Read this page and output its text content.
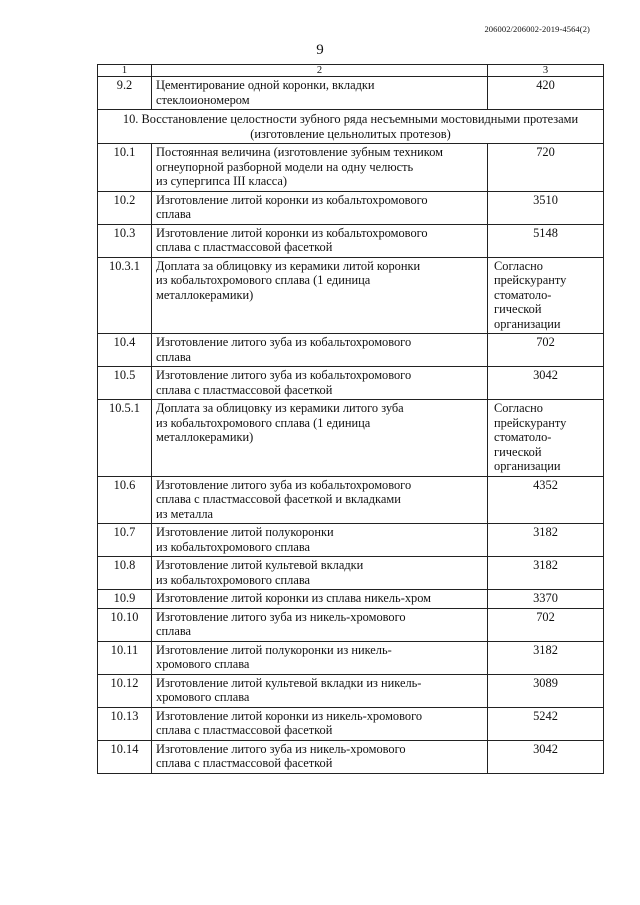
206002/206002-2019-4564(2)
9
1	2	3
9.2	Цементирование одной коронки, вкладки
стеклоиономером	420
10. Восстановление целостности зубного ряда несъемными мостовидными протезами (изготовление цельнолитых протезов)		
10.1	Постоянная величина (изготовление зубным техником
огнеупорной разборной модели на одну челюсть
из супергипса III класса)	720
10.2	Изготовление литой коронки из кобальтохромового
сплава	3510
10.3	Изготовление литой коронки из кобальтохромового
сплава с пластмассовой фасеткой	5148
10.3.1	Доплата за облицовку из керамики литой коронки
из кобальтохромового сплава (1 единица
металлокерамики)	Согласно
прейскуранту
стоматоло-
гической
организации
10.4	Изготовление литого зуба из кобальтохромового
сплава	702
10.5	Изготовление литого зуба из кобальтохромового
сплава с пластмассовой фасеткой	3042
10.5.1	Доплата за облицовку из керамики литого зуба
из кобальтохромового сплава (1 единица
металлокерамики)	Согласно
прейскуранту
стоматоло-
гической
организации
10.6	Изготовление литого зуба из кобальтохромового
сплава с пластмассовой фасеткой и вкладками
из металла	4352
10.7	Изготовление литой полукоронки
из кобальтохромового сплава	3182
10.8	Изготовление литой культевой вкладки
из кобальтохромового сплава	3182
10.9	Изготовление литой коронки из сплава никель-хром	3370
10.10	Изготовление литого зуба из никель-хромового
сплава	702
10.11	Изготовление литой полукоронки из никель-
хромового сплава	3182
10.12	Изготовление литой культевой вкладки из никель-
хромового сплава	3089
10.13	Изготовление литой коронки из никель-хромового
сплава с пластмассовой фасеткой	5242
10.14	Изготовление литого зуба из никель-хромового
сплава с пластмассовой фасеткой	3042
